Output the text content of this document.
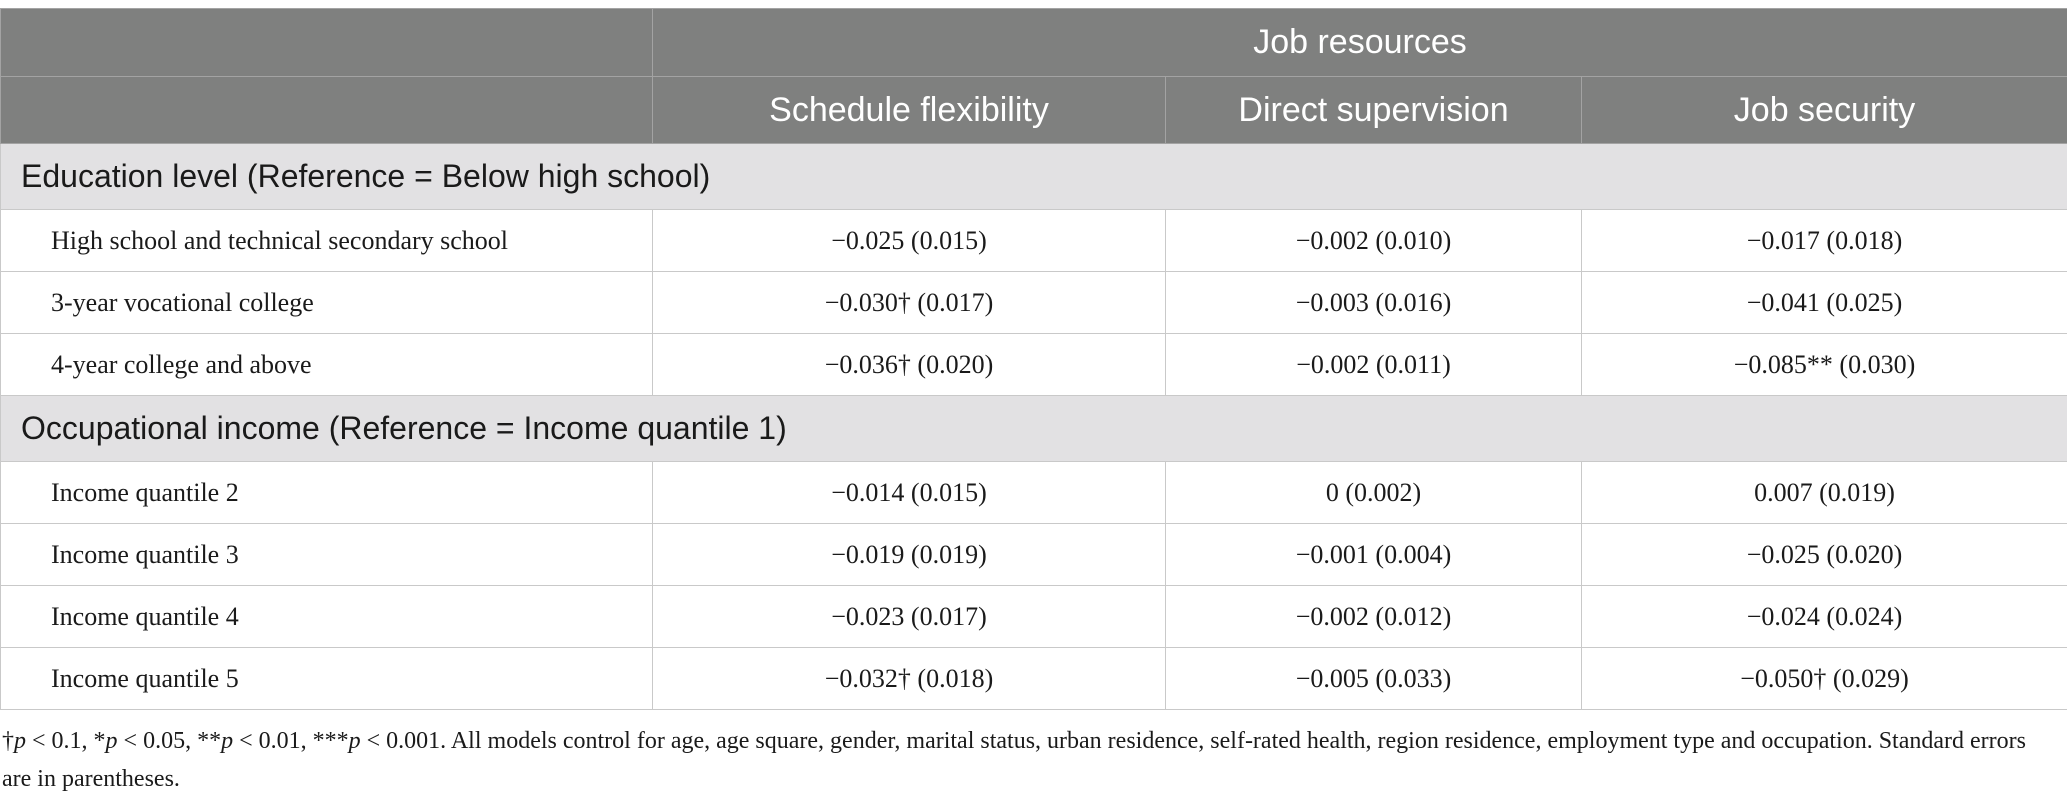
	Job resources		
	Schedule flexibility	Direct supervision	Job security
Education level (Reference = Below high school)			
High school and technical secondary school	−0.025 (0.015)	−0.002 (0.010)	−0.017 (0.018)
3-year vocational college	−0.030† (0.017)	−0.003 (0.016)	−0.041 (0.025)
4-year college and above	−0.036† (0.020)	−0.002 (0.011)	−0.085** (0.030)
Occupational income (Reference = Income quantile 1)			
Income quantile 2	−0.014 (0.015)	0 (0.002)	0.007 (0.019)
Income quantile 3	−0.019 (0.019)	−0.001 (0.004)	−0.025 (0.020)
Income quantile 4	−0.023 (0.017)	−0.002 (0.012)	−0.024 (0.024)
Income quantile 5	−0.032† (0.018)	−0.005 (0.033)	−0.050† (0.029)
†p < 0.1, *p < 0.05, **p < 0.01, ***p < 0.001. All models control for age, age square, gender, marital status, urban residence, self-rated health, region residence, employment type and occupation. Standard errors are in parentheses.
